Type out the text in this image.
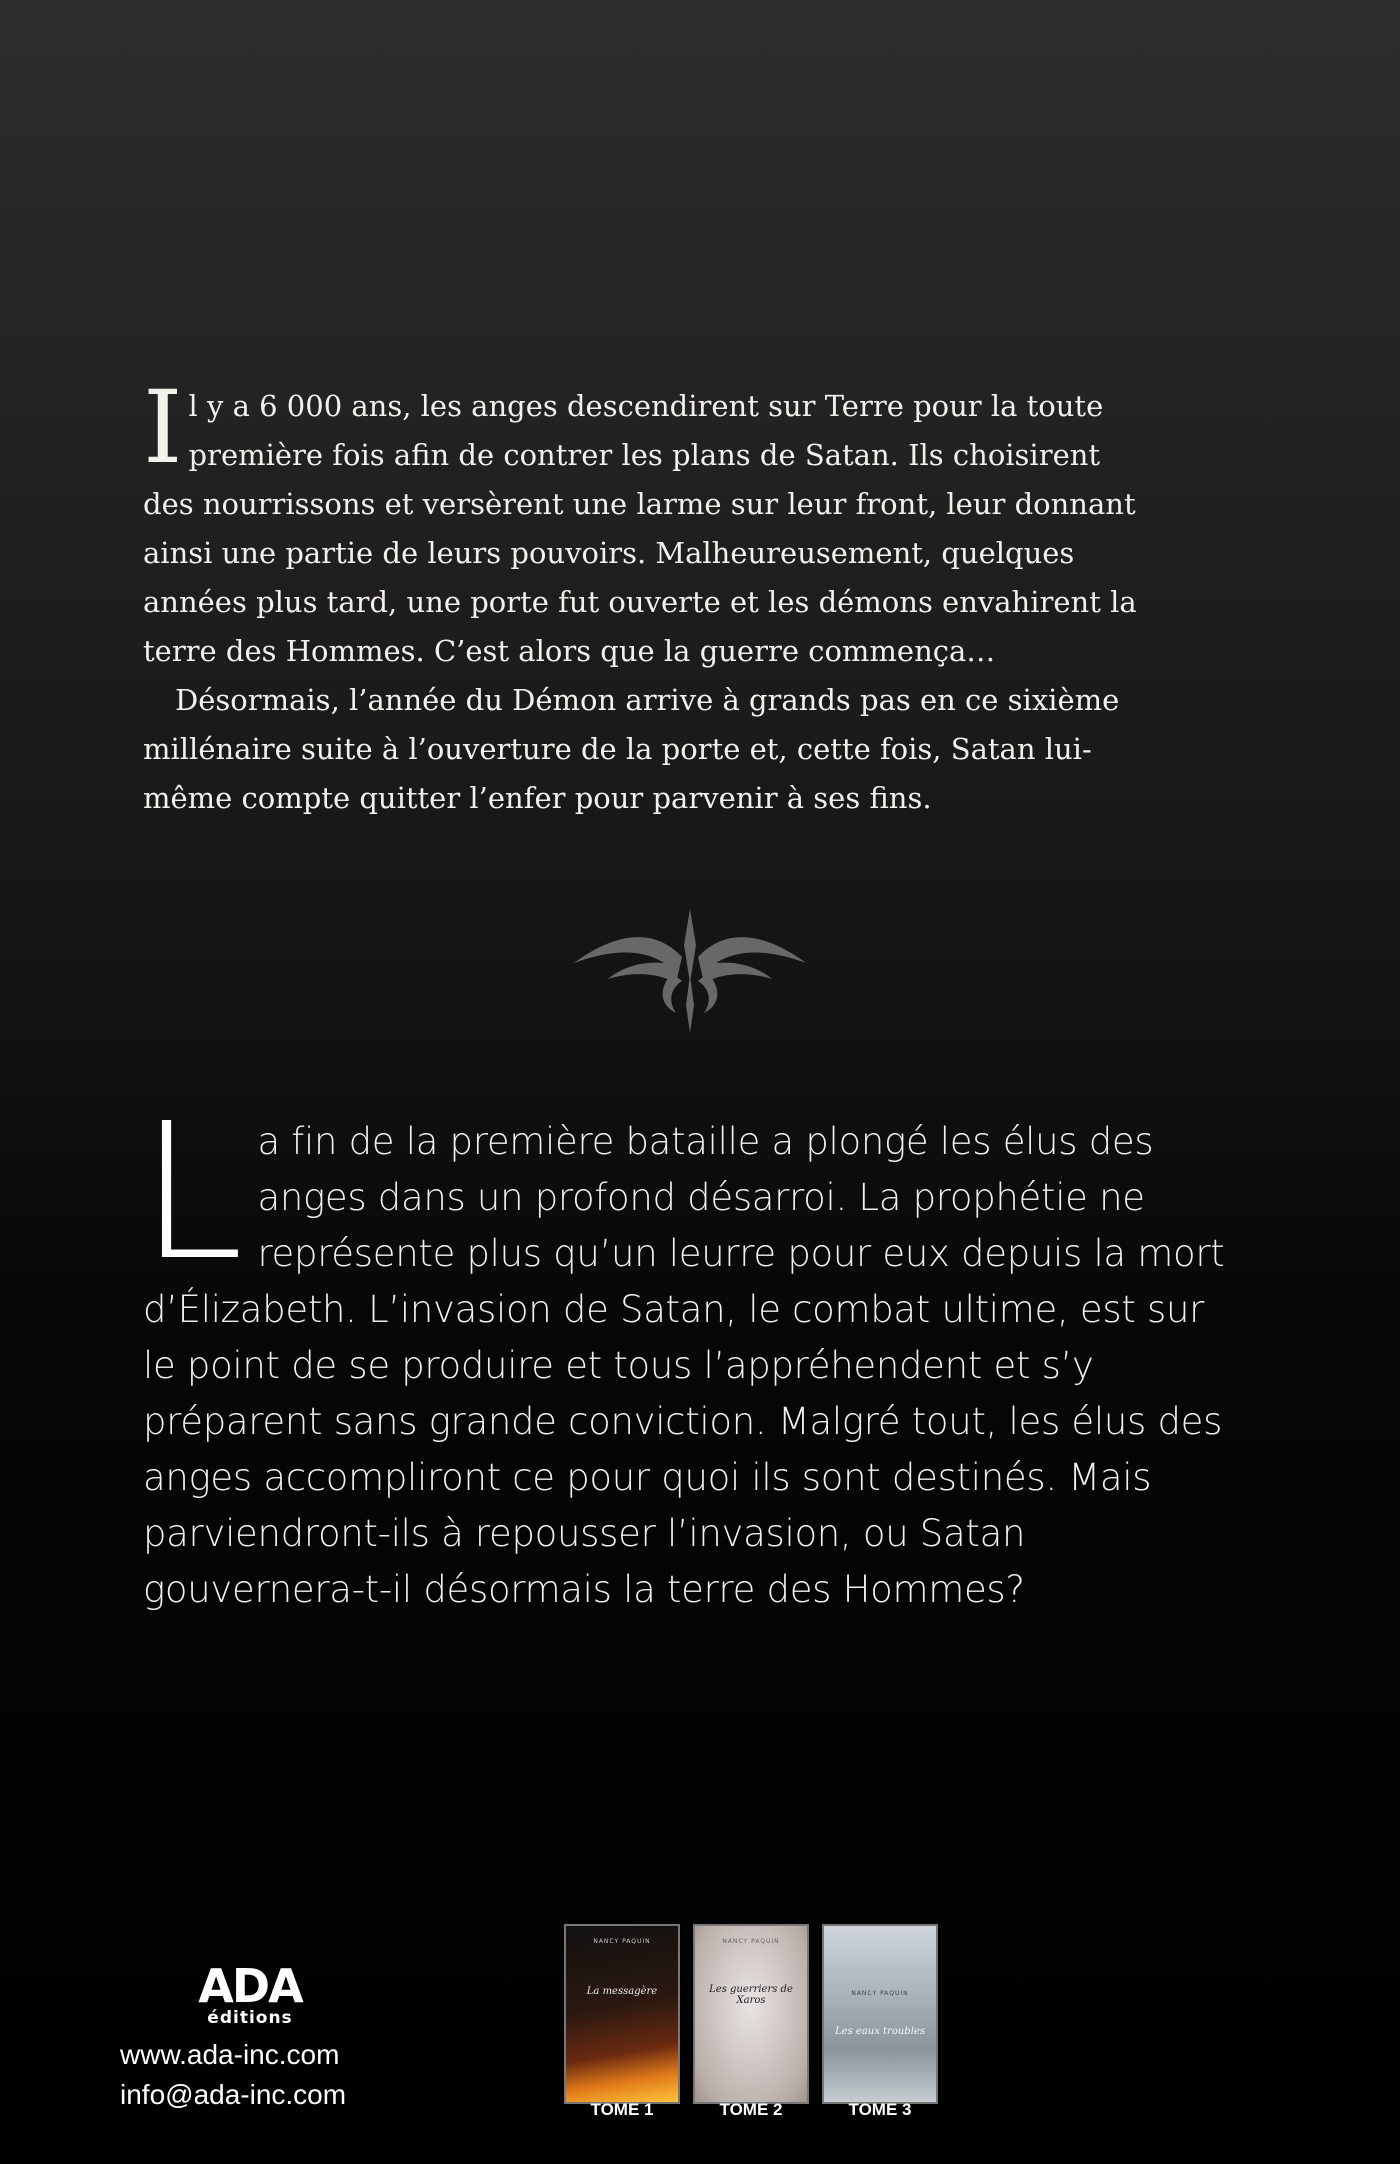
Il y a 6 000 ans, les anges descendirent sur Terre pour la toute première fois afin de contrer les plans de Satan. Ils choisirent des nourrissons et versèrent une larme sur leur front, leur donnant ainsi une partie de leurs pouvoirs. Malheureusement, quelques années plus tard, une porte fut ouverte et les démons envahirent la terre des Hommes. C’est alors que la guerre commença…

Désormais, l’année du Démon arrive à grands pas en ce sixième millénaire suite à l’ouverture de la porte et, cette fois, Satan lui-même compte quitter l’enfer pour parvenir à ses fins.

La fin de la première bataille a plongé les élus des anges dans un profond désarroi. La prophétie ne représente plus qu’un leurre pour eux depuis la mort d’Élizabeth. L’invasion de Satan, le combat ultime, est sur le point de se produire et tous l’appréhendent et s’y préparent sans grande conviction. Malgré tout, les élus des anges accompliront ce pour quoi ils sont destinés. Mais parviendront-ils à repousser l’invasion, ou Satan gouvernera-t-il désormais la terre des Hommes?

ADA
éditions
www.ada-inc.com
info@ada-inc.com
NANCY PAQUIN
La messagère
NANCY PAQUIN
Les guerriers de Xaros
NANCY PAQUIN
Les eaux troubles
TOME 1	TOME 2	TOME 3
